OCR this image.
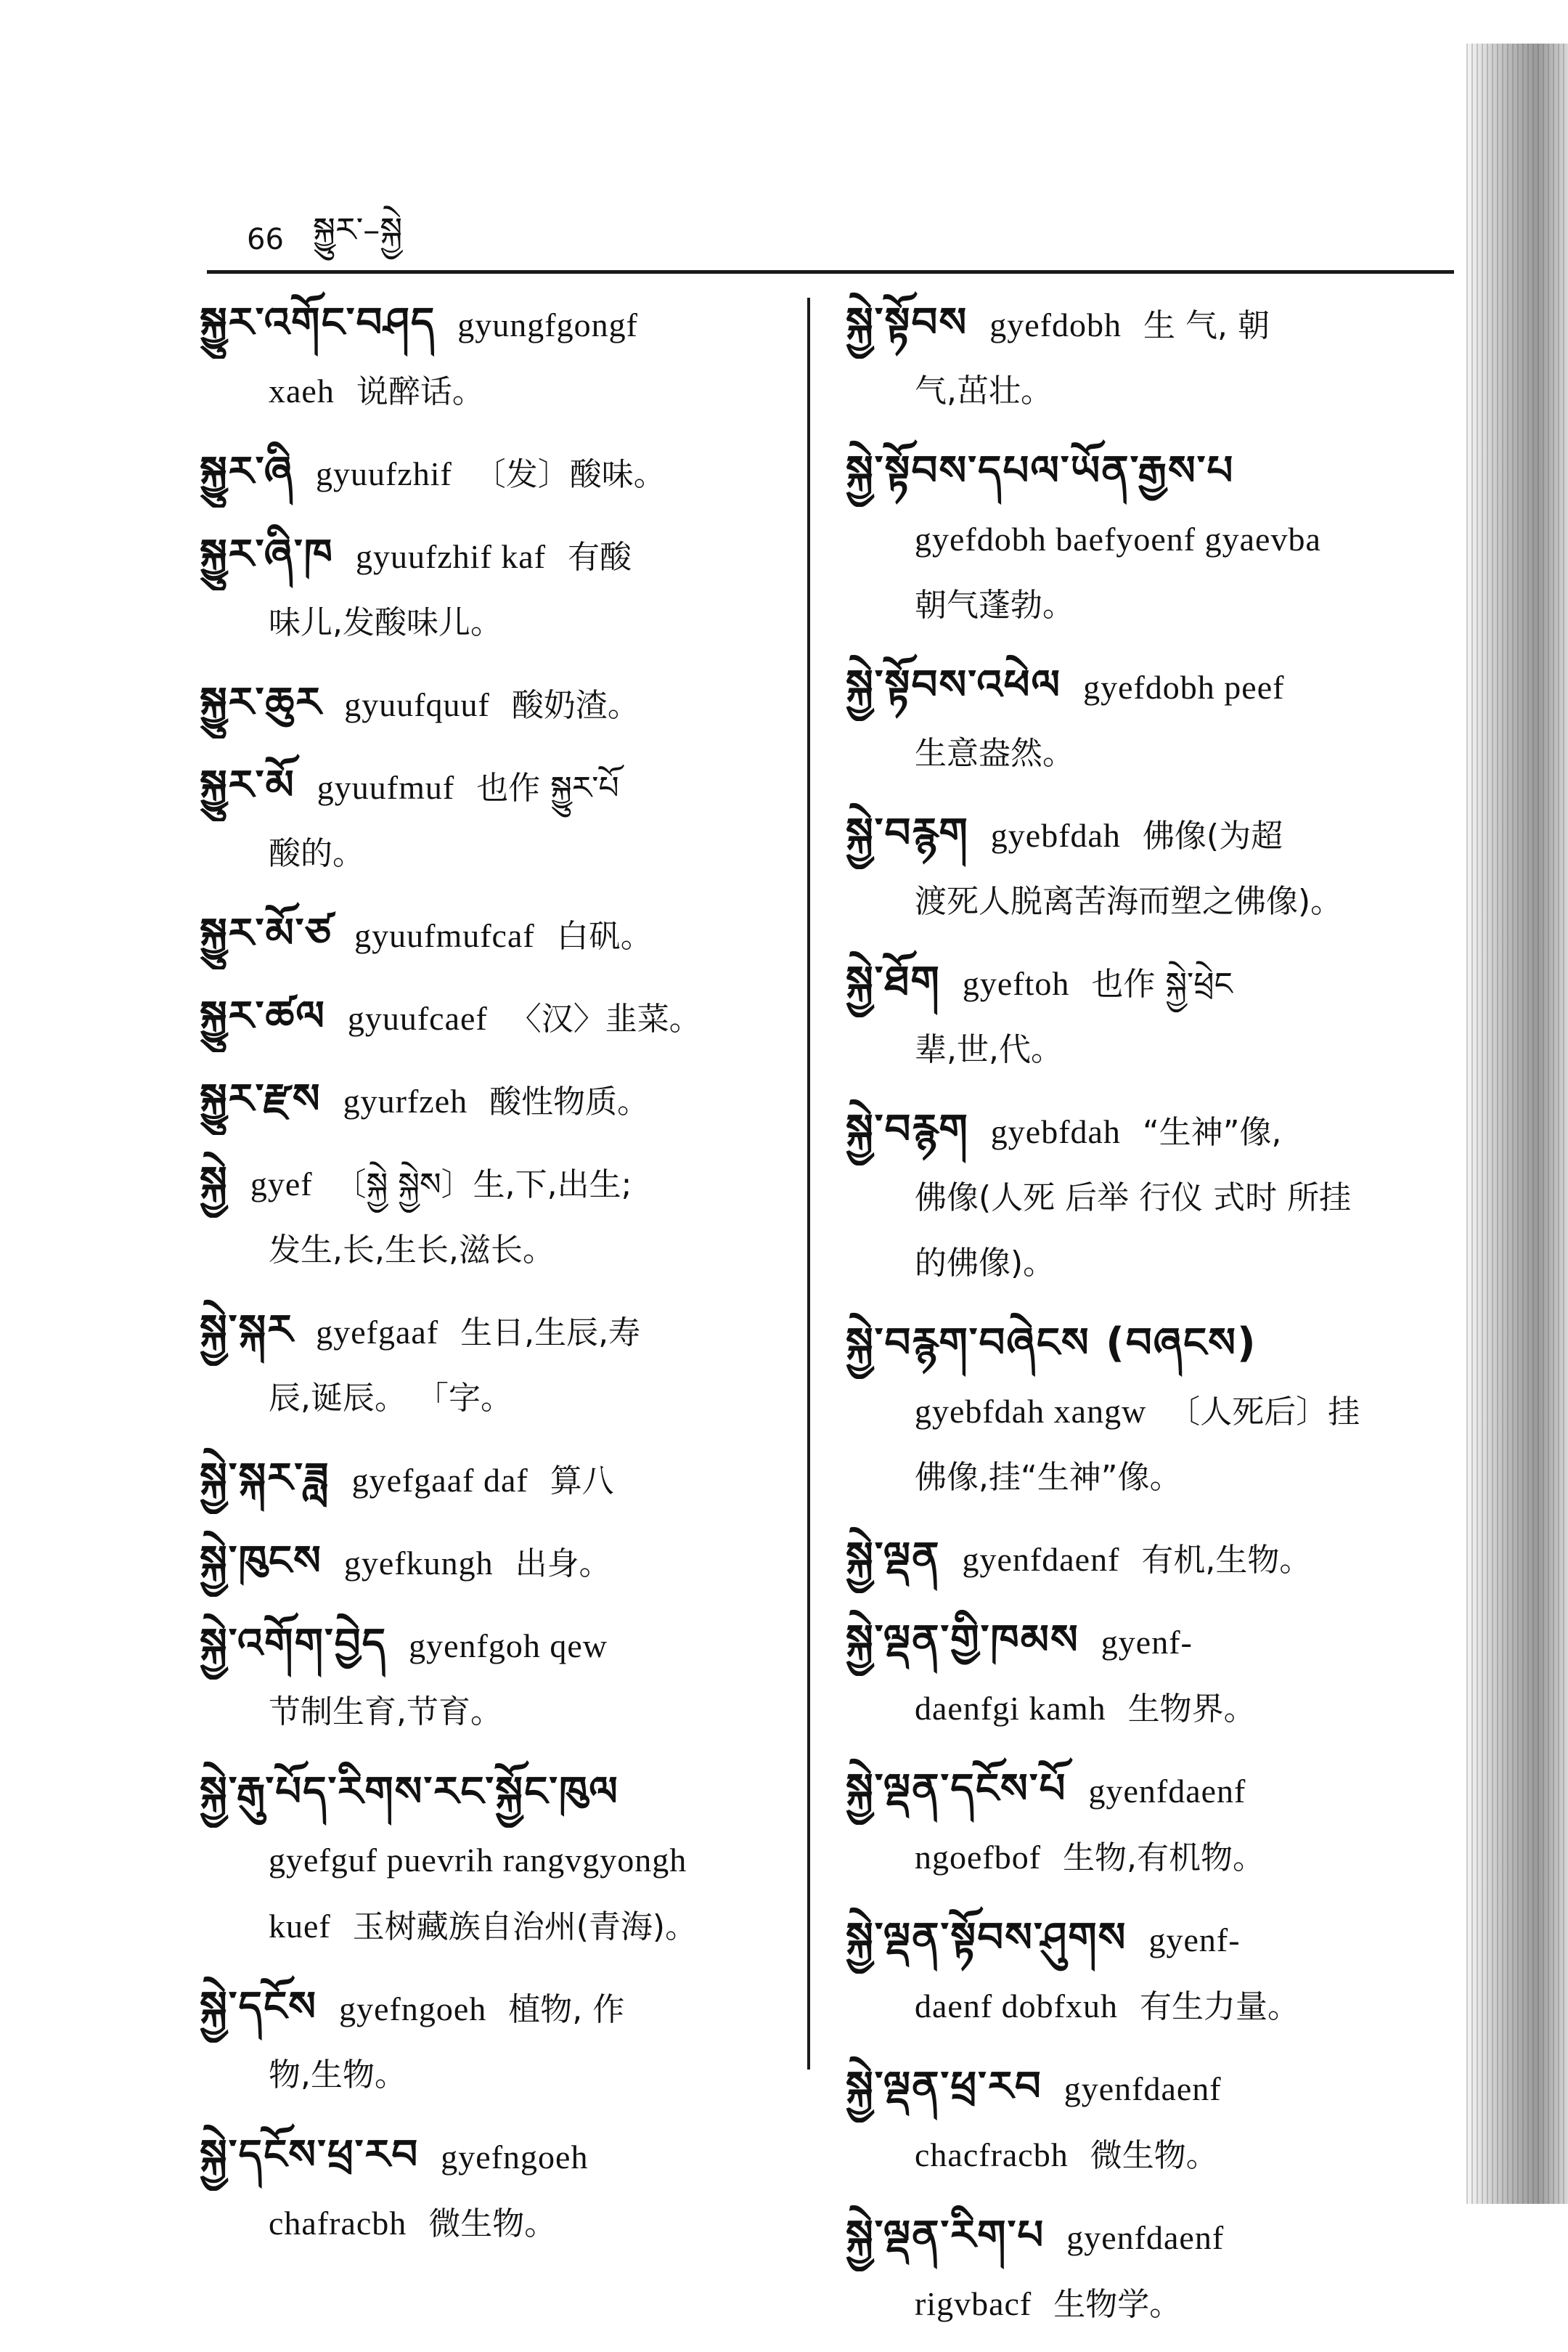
66 སྐྱུར་–སྐྱེ
སྐྱུར་འགོང་བཤད gyungfgongf
xaeh 说醉话。
སྐྱུར་ཞི gyuufzhif 〔发〕酸味。
སྐྱུར་ཞི་ཁ gyuufzhif kaf 有酸
味儿,发酸味儿。
སྐྱུར་ཆུར gyuufquuf 酸奶渣。
སྐྱུར་མོ gyuufmuf 也作 སྐྱུར་པོ
酸的。
སྐྱུར་མོ་ཙ gyuufmufcaf 白矾。
སྐྱུར་ཚལ gyuufcaef 〈汉〉韭菜。
སྐྱུར་རྫས gyurfzeh 酸性物质。
སྐྱེ gyef 〔སྐྱེ སྐྱེས〕生,下,出生;
发生,长,生长,滋长。
སྐྱེ་སྐར gyefgaaf 生日,生辰,寿
辰,诞辰。 「字。
སྐྱེ་སྐར་ཟླ gyefgaaf daf 算八
སྐྱེ་ཁུངས gyefkungh 出身。
སྐྱེ་འགོག་བྱེད gyenfgoh qew
节制生育,节育。
སྐྱེ་རྒུ་པོད་རིགས་རང་སྐྱོང་ཁུལ
gyefguf puevrih rangvgyongh
kuef 玉树藏族自治州(青海)。
སྐྱེ་དངོས gyefngoeh 植物, 作
物,生物。
སྐྱེ་དངོས་ཕྲ་རབ gyefngoeh
chafracbh 微生物。
སྐྱེ་སྟོབས gyefdobh 生 气, 朝
气,茁壮。
སྐྱེ་སྟོབས་དཔལ་ཡོན་རྒྱས་པ
gyefdobh baefyoenf gyaevba
朝气蓬勃。
སྐྱེ་སྟོབས་འཕེལ gyefdobh peef
生意盎然。
སྐྱེ་བརྙག gyebfdah 佛像(为超
渡死人脱离苦海而塑之佛像)。
སྐྱེ་ཐོག gyeftoh 也作 སྐྱེ་ཕྲེང
辈,世,代。
སྐྱེ་བརྙག gyebfdah “生神”像,
佛像(人死 后举 行仪 式时 所挂
的佛像)。
སྐྱེ་བརྙག་བཞེངས (བཞངས)
gyebfdah xangw 〔人死后〕挂
佛像,挂“生神”像。
སྐྱེ་ལྡན gyenfdaenf 有机,生物。
སྐྱེ་ལྡན་གྱི་ཁམས gyenf-
daenfgi kamh 生物界。
སྐྱེ་ལྡན་དངོས་པོ gyenfdaenf
ngoefbof 生物,有机物。
སྐྱེ་ལྡན་སྟོབས་ཤུགས gyenf-
daenf dobfxuh 有生力量。
སྐྱེ་ལྡན་ཕྲ་རབ gyenfdaenf
chacfracbh 微生物。
སྐྱེ་ལྡན་རིག་པ gyenfdaenf
rigvbacf 生物学。
